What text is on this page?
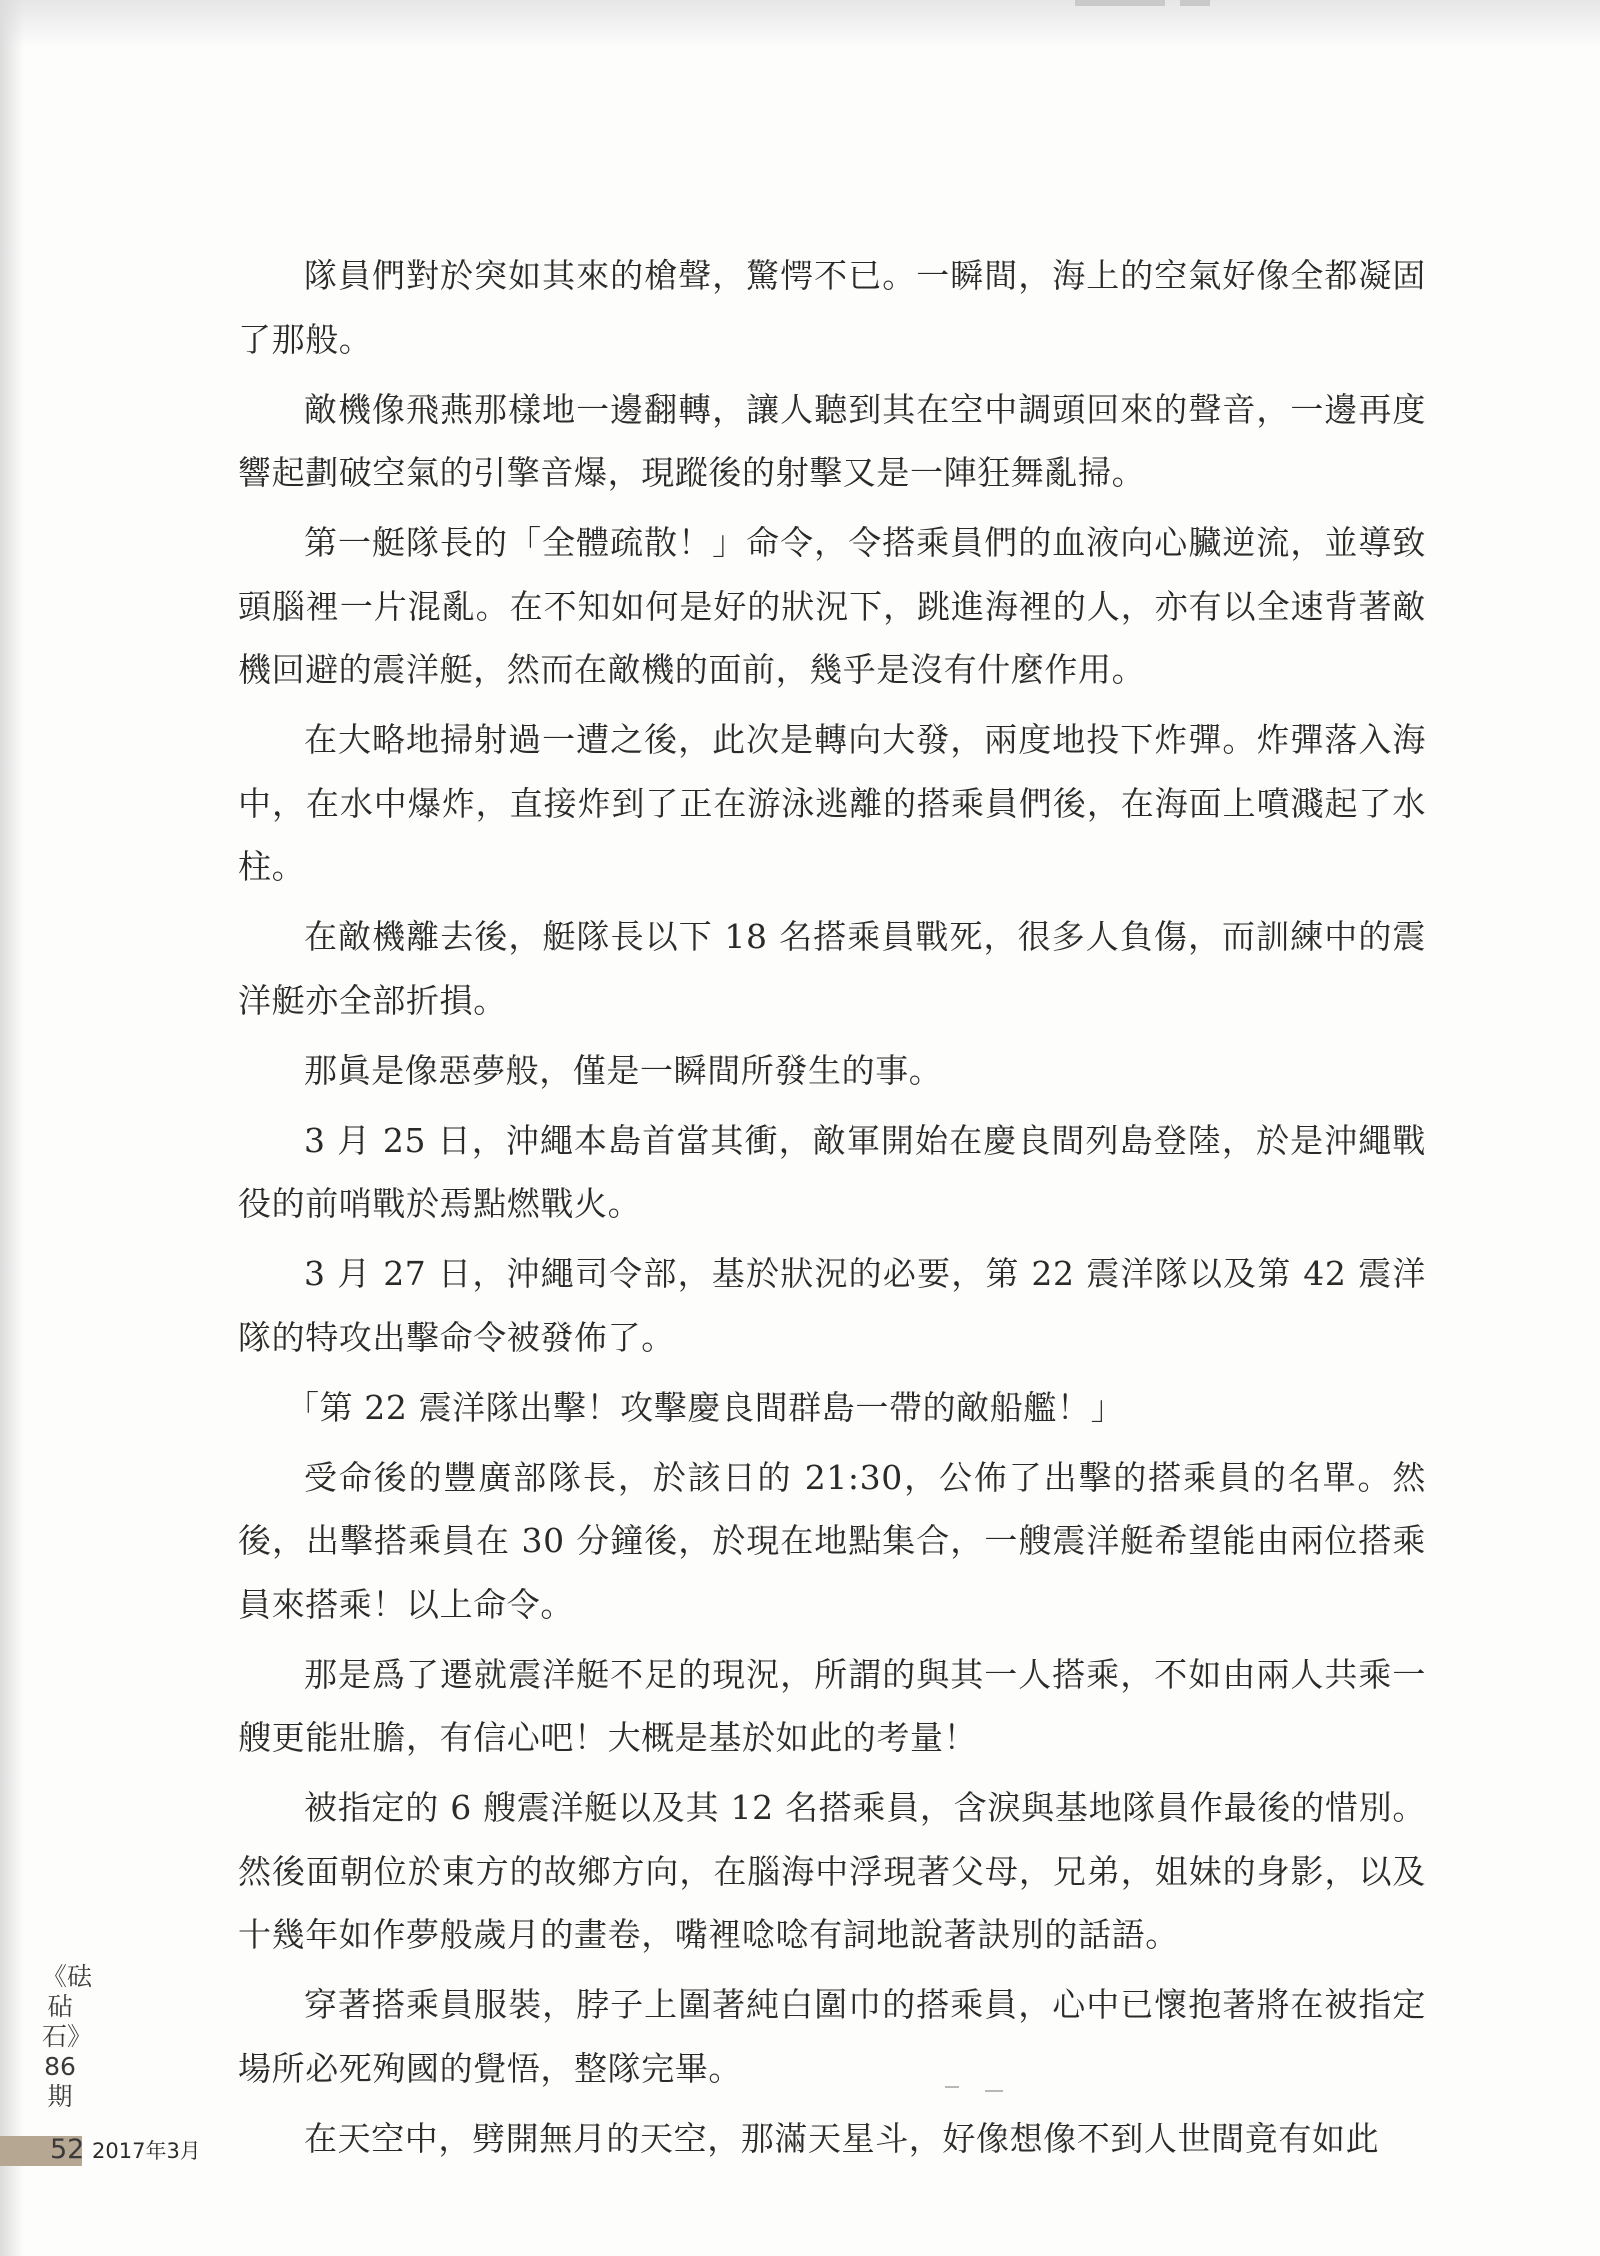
隊員們對於突如其來的槍聲，驚愕不已。一瞬間，海上的空氣好像全都凝固了那般。

敵機像飛燕那樣地一邊翻轉，讓人聽到其在空中調頭回來的聲音，一邊再度響起劃破空氣的引擎音爆，現蹤後的射擊又是一陣狂舞亂掃。

第一艇隊長的「全體疏散！」命令，令搭乘員們的血液向心臟逆流，並導致頭腦裡一片混亂。在不知如何是好的狀況下，跳進海裡的人，亦有以全速背著敵機回避的震洋艇，然而在敵機的面前，幾乎是沒有什麼作用。

在大略地掃射過一遭之後，此次是轉向大發，兩度地投下炸彈。炸彈落入海中，在水中爆炸，直接炸到了正在游泳逃離的搭乘員們後，在海面上噴濺起了水柱。

在敵機離去後，艇隊長以下 18 名搭乘員戰死，很多人負傷，而訓練中的震洋艇亦全部折損。

那眞是像惡夢般，僅是一瞬間所發生的事。

3 月 25 日，沖繩本島首當其衝，敵軍開始在慶良間列島登陸，於是沖繩戰役的前哨戰於焉點燃戰火。

3 月 27 日，沖繩司令部，基於狀況的必要，第 22 震洋隊以及第 42 震洋隊的特攻出擊命令被發佈了。

「第 22 震洋隊出擊！攻擊慶良間群島一帶的敵船艦！」

受命後的豐廣部隊長，於該日的 21:30，公佈了出擊的搭乘員的名單。然後，出擊搭乘員在 30 分鐘後，於現在地點集合，一艘震洋艇希望能由兩位搭乘員來搭乘！以上命令。

那是爲了遷就震洋艇不足的現況，所謂的與其一人搭乘，不如由兩人共乘一艘更能壯膽，有信心吧！大概是基於如此的考量！

被指定的 6 艘震洋艇以及其 12 名搭乘員，含淚與基地隊員作最後的惜別。然後面朝位於東方的故鄉方向，在腦海中浮現著父母，兄弟，姐妹的身影，以及十幾年如作夢般歲月的畫卷，嘴裡唸唸有詞地說著訣別的話語。

穿著搭乘員服裝，脖子上圍著純白圍巾的搭乘員，心中已懷抱著將在被指定場所必死殉國的覺悟，整隊完畢。

在天空中，劈開無月的天空，那滿天星斗，好像想像不到人世間竟有如此

《砝砧石》86期
52 2017年3月
